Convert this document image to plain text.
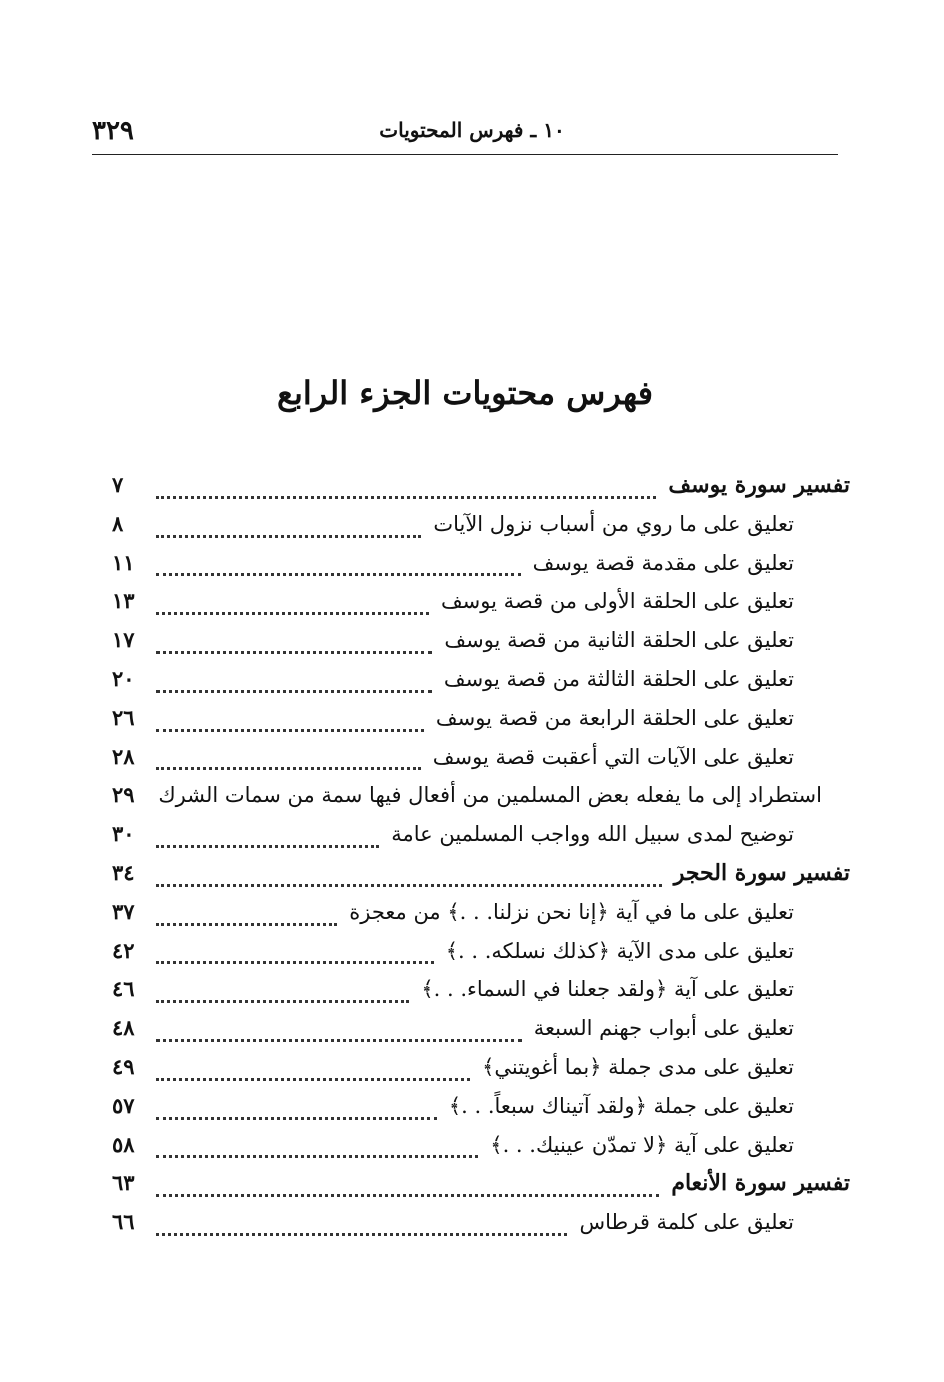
٣٢٩	١٠ ـ فهرس المحتويات
فهرس محتويات الجزء الرابع
تفسير سورة يوسف
٧
تعليق على ما روي من أسباب نزول الآيات
٨
تعليق على مقدمة قصة يوسف
١١
تعليق على الحلقة الأولى من قصة يوسف
١٣
تعليق على الحلقة الثانية من قصة يوسف
١٧
تعليق على الحلقة الثالثة من قصة يوسف
٢٠
تعليق على الحلقة الرابعة من قصة يوسف
٢٦
تعليق على الآيات التي أعقبت قصة يوسف
٢٨
استطراد إلى ما يفعله بعض المسلمين من أفعال فيها سمة من سمات الشرك
٢٩
توضيح لمدى سبيل الله وواجب المسلمين عامة
٣٠
تفسير سورة الحجر
٣٤
تعليق على ما في آية ﴿إنا نحن نزلنا. . .﴾ من معجزة
٣٧
تعليق على مدى الآية ﴿كذلك نسلكه. . .﴾
٤٢
تعليق على آية ﴿ولقد جعلنا في السماء. . .﴾
٤٦
تعليق على أبواب جهنم السبعة
٤٨
تعليق على مدى جملة ﴿بما أغويتني﴾
٤٩
تعليق على جملة ﴿ولقد آتيناك سبعاً. . .﴾
٥٧
تعليق على آية ﴿لا تمدّن عينيك. . .﴾
٥٨
تفسير سورة الأنعام
٦٣
تعليق على كلمة قرطاس
٦٦
